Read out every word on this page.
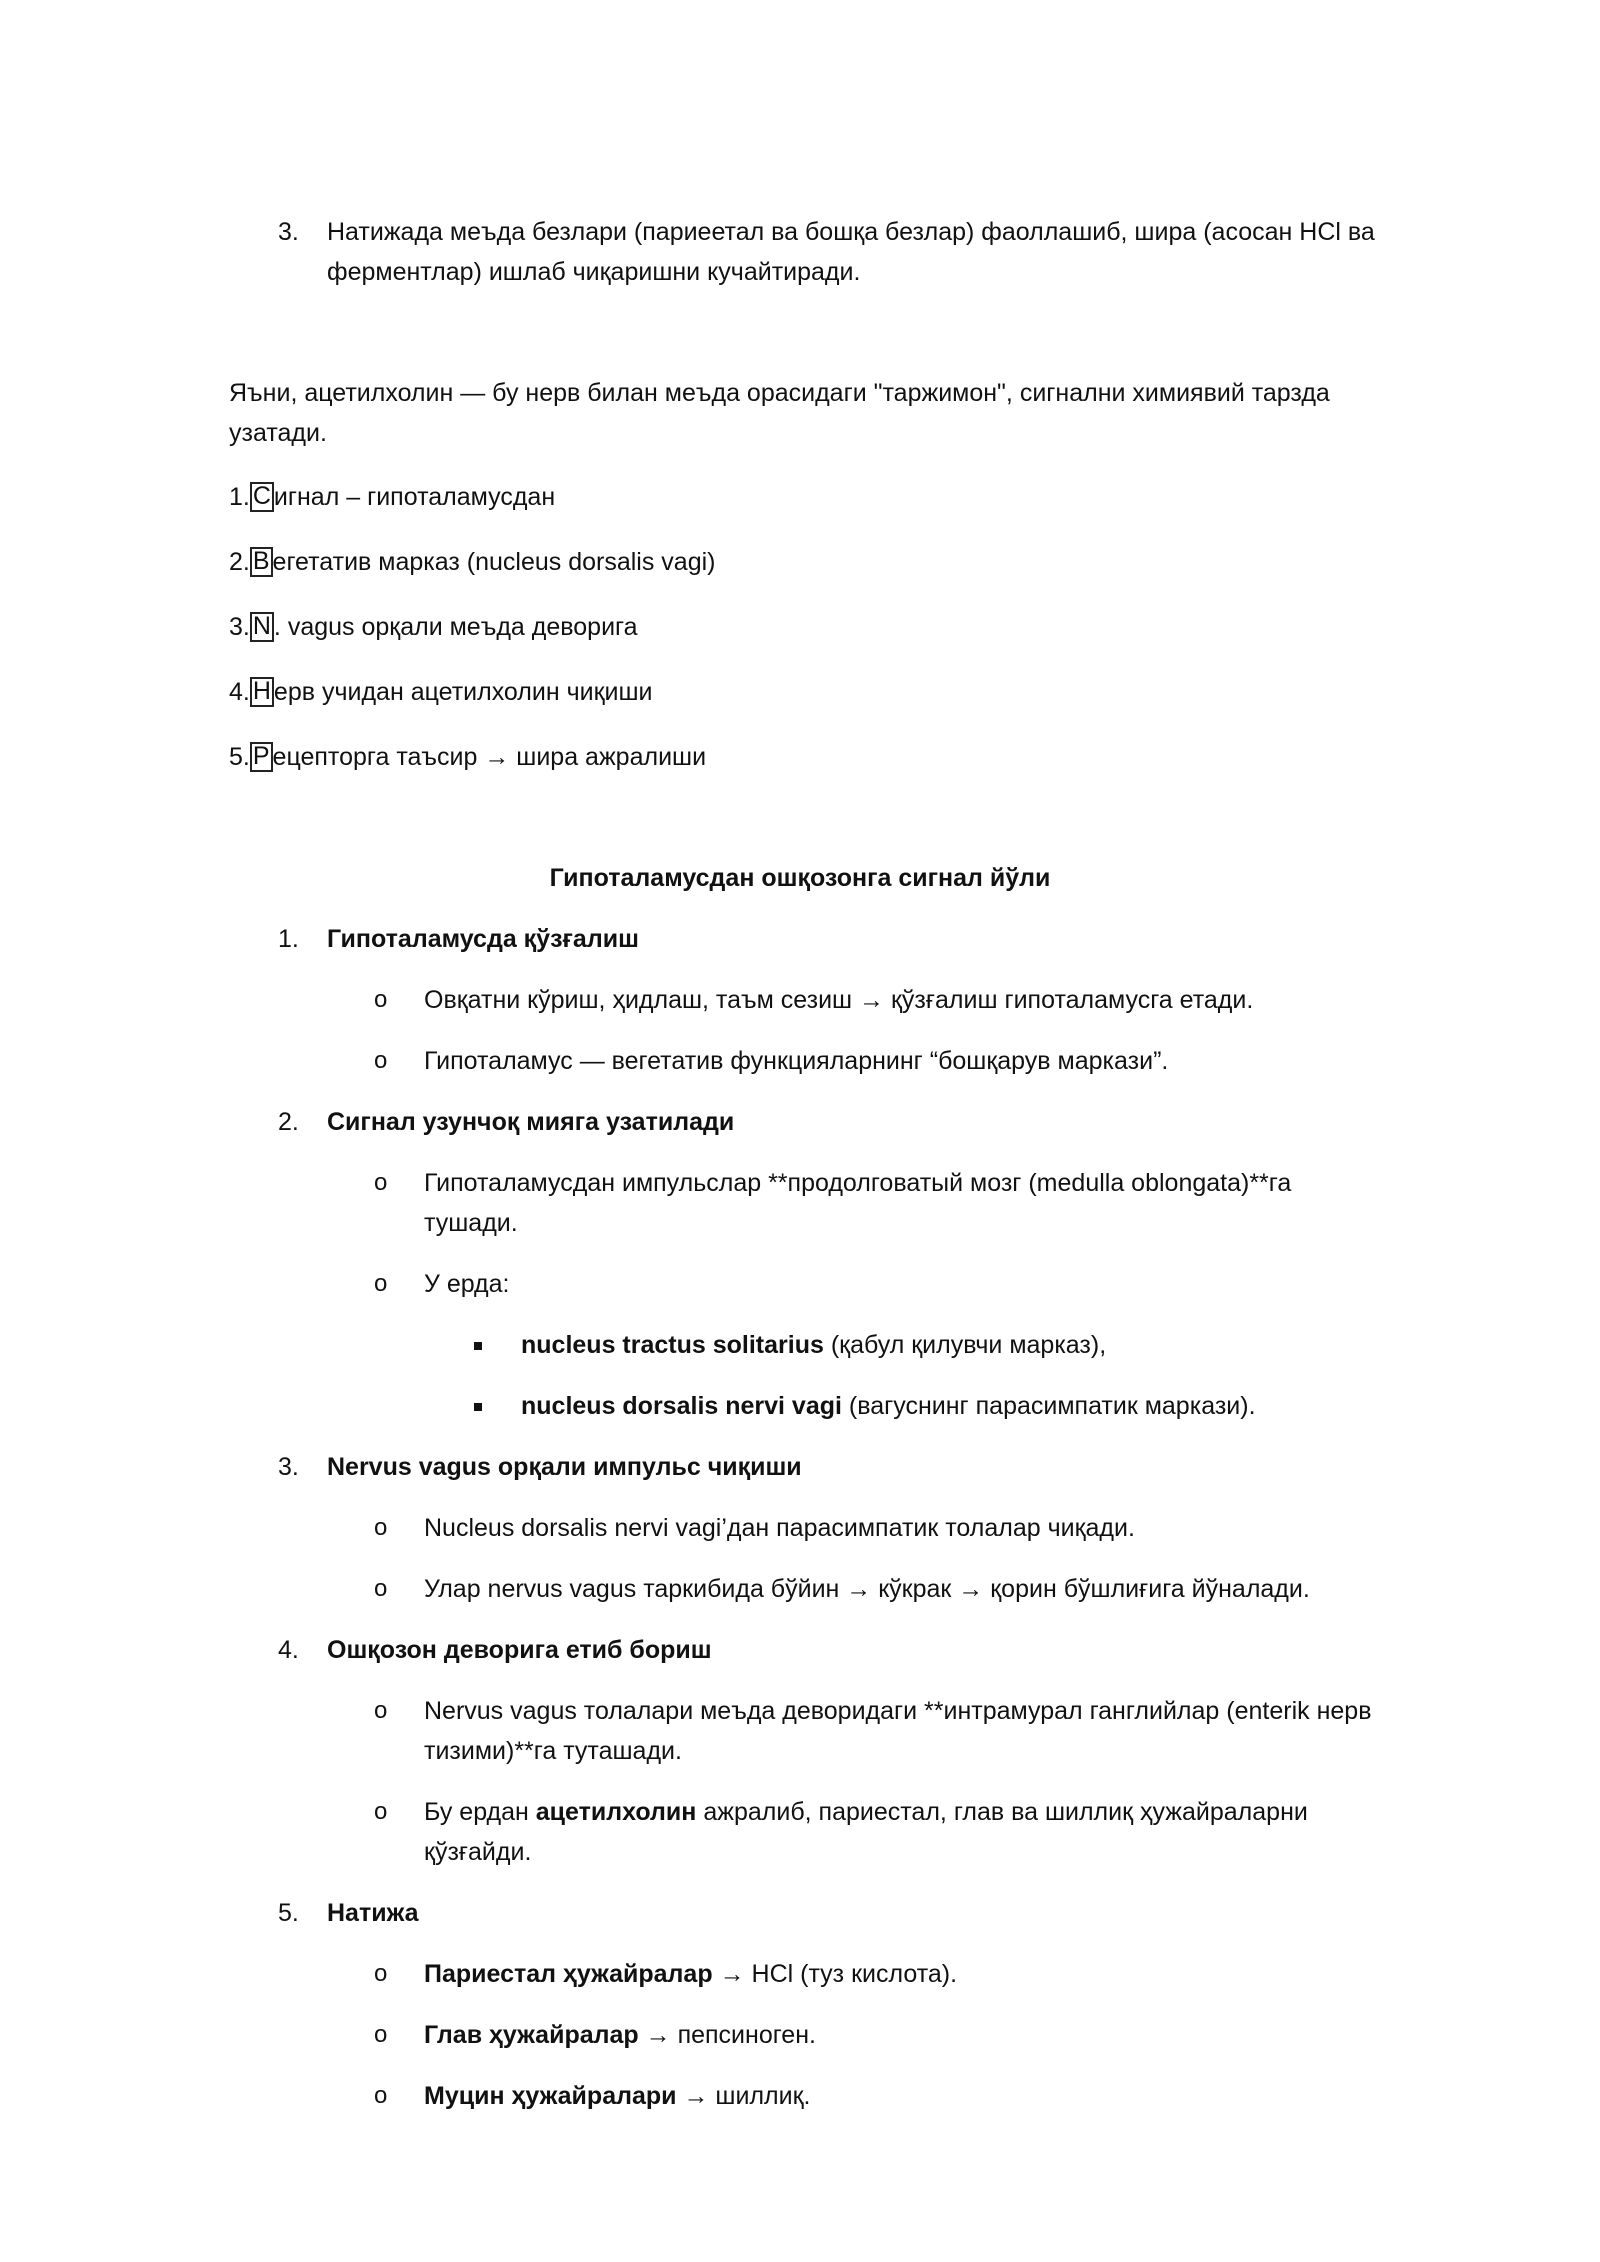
3. Натижада меъда безлари (париеетал ва бошқа безлар) фаоллашиб, шира (асосан HCl ва
ферментлар) ишлаб чиқаришни кучайтиради.
Яъни, ацетилхолин — бу нерв билан меъда орасидаги "таржимон", сигнални химиявий тарзда
узатади.
1. С игнал – гипоталамусдан
2. В егетатив марказ (nucleus dorsalis vagi)
3. N . vagus орқали меъда деворига
4. Н ерв учидан ацетилхолин чиқиши
5. Р ецепторга таъсир → шира ажралиши
Гипоталамусдан ошқозонга сигнал йўли
1. Гипоталамусда қўзғалиш
o Овқатни кўриш, ҳидлаш, таъм сезиш → қўзғалиш гипоталамусга етади.
o Гипоталамус — вегетатив функцияларнинг “бошқарув маркази”.
2. Сигнал узунчоқ мияга узатилади
o Гипоталамусдан импульслар **продолговатый мозг (medulla oblongata)**га
тушади.
o У ерда:
nucleus tractus solitarius (қабул қилувчи марказ),
nucleus dorsalis nervi vagi (вагуснинг парасимпатик маркази).
3. Nervus vagus орқали импульс чиқиши
o Nucleus dorsalis nervi vagi’дан парасимпатик толалар чиқади.
o Улар nervus vagus таркибида бўйин → кўкрак → қорин бўшлиғига йўналади.
4. Ошқозон деворига етиб бориш
o Nervus vagus толалари меъда деворидаги **интрамурал ганглийлар (enterik нерв
тизими)**га туташади.
o Бу ердан ацетилхолин ажралиб, париестал, глав ва шиллиқ ҳужайраларни
қўзғайди.
5. Натижа
o Париестал ҳужайралар → HCl (туз кислота).
o Глав ҳужайралар → пепсиноген.
o Муцин ҳужайралари → шиллиқ.
